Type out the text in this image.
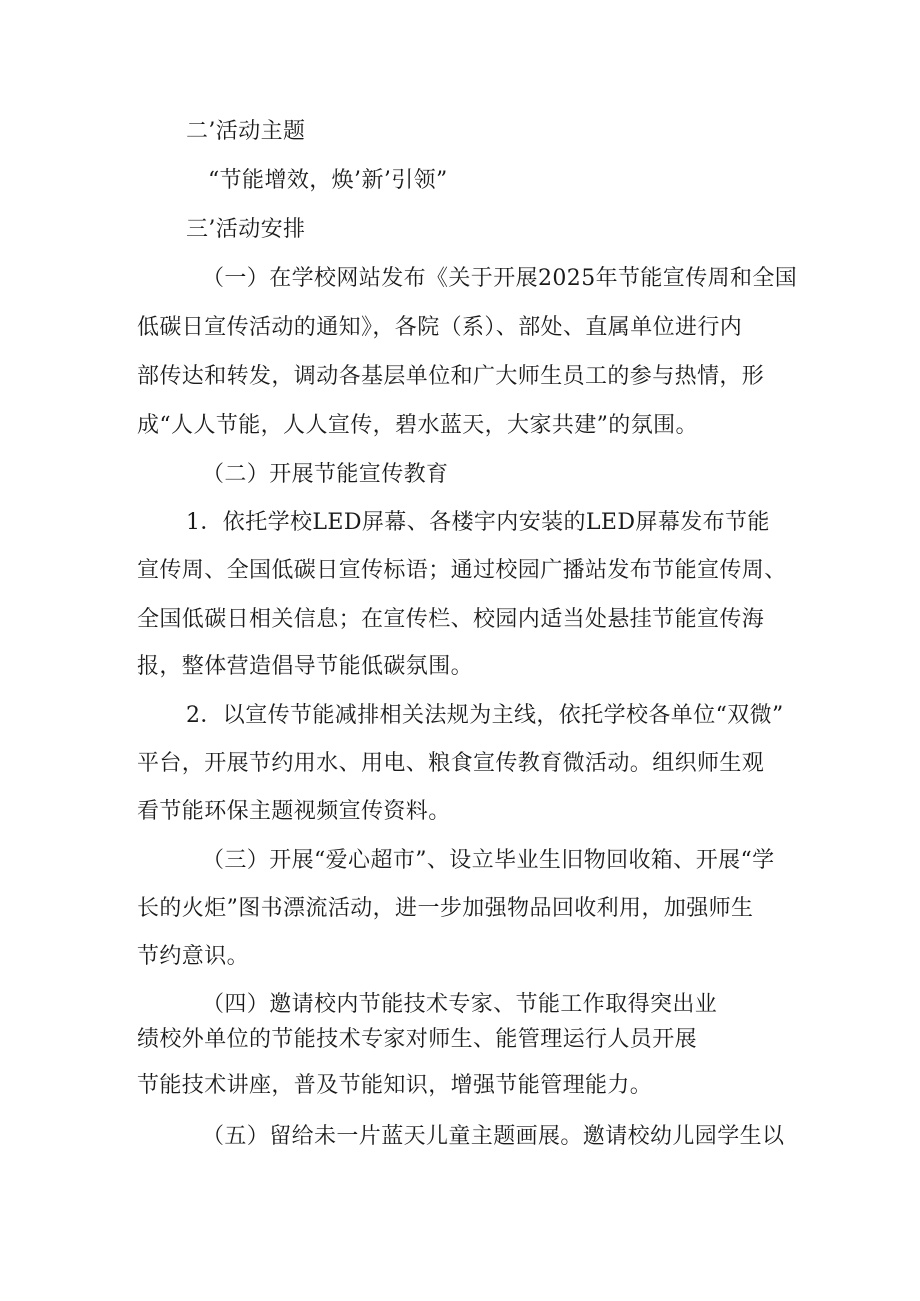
二’活动主题
“节能增效，焕’新’引领”
三’活动安排
（一）在学校网站发布《关于开展2025年节能宣传周和全国
低碳日宣传活动的通知》，各院（系）、部处、直属单位进行内
部传达和转发，调动各基层单位和广大师生员工的参与热情，形
成“人人节能，人人宣传，碧水蓝天，大家共建”的氛围。
（二）开展节能宣传教育
1．依托学校LED屏幕、各楼宇内安装的LED屏幕发布节能
宣传周、全国低碳日宣传标语；通过校园广播站发布节能宣传周、
全国低碳日相关信息；在宣传栏、校园内适当处悬挂节能宣传海
报，整体营造倡导节能低碳氛围。
2．以宣传节能减排相关法规为主线，依托学校各单位“双微”
平台，开展节约用水、用电、粮食宣传教育微活动。组织师生观
看节能环保主题视频宣传资料。
（三）开展“爱心超市”、设立毕业生旧物回收箱、开展“学
长的火炬”图书漂流活动，进一步加强物品回收利用，加强师生
节约意识。
（四）邀请校内节能技术专家、节能工作取得突出业
绩校外单位的节能技术专家对师生、能管理运行人员开展
节能技术讲座，普及节能知识，增强节能管理能力。
（五）留给未一片蓝天儿童主题画展。邀请校幼儿园学生以
